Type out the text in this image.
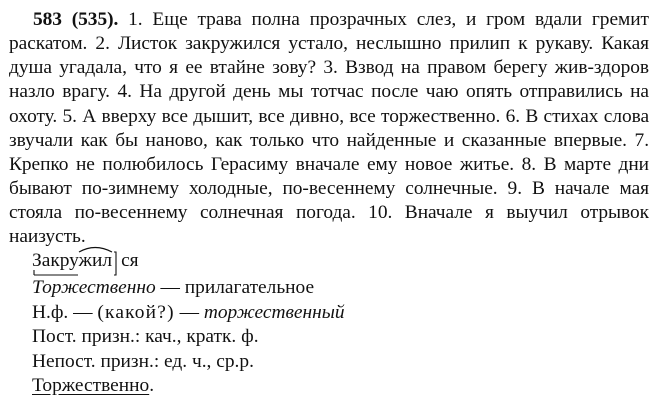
583 (535). 1. Еще трава полна прозрачных слез, и гром вдали гремит раскатом. 2. Листок закружился устало, неслышно прилип к рукаву. Какая душа угадала, что я ее втайне зову? 3. Взвод на правом берегу жив-здоров назло врагу. 4. На другой день мы тотчас после чаю опять отправились на охоту. 5. А вверху все дышит, все дивно, все торжественно. 6. В стихах слова звучали как бы наново, как только что найденные и сказанные впервые. 7. Крепко не полюбилось Герасиму вначале ему новое житье. 8. В марте дни бывают по-зимнему холодные, по-весеннему солнечные. 9. В начале мая стояла по-весеннему солнечная погода. 10. Вначале я выучил отрывок наизусть.

Закружил ся
Торжественно — прилагательное
Н.ф. — (какой?) — торжественный
Пост. призн.: кач., кратк. ф.
Непост. призн.: ед. ч., ср.р.
Торжественно.
